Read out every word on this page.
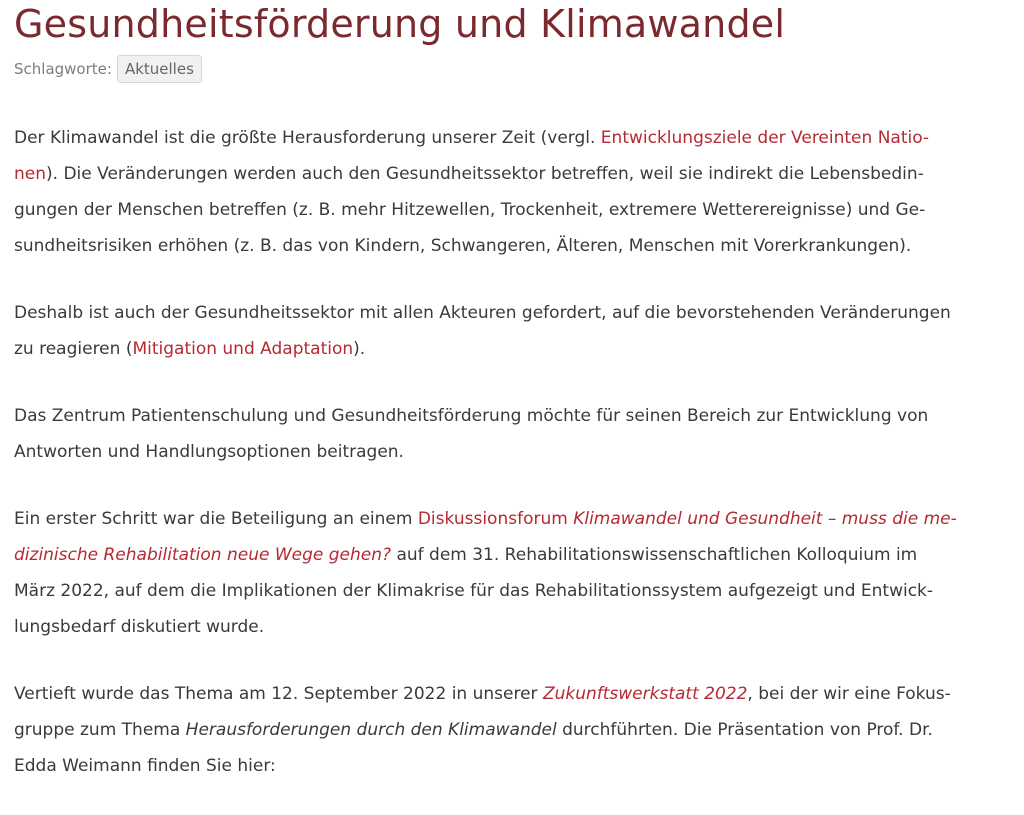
Gesundheitsförderung und Klimawandel
Schlagworte: Aktuelles

Der Klimawandel ist die größte Herausforderung unserer Zeit (vergl. Entwicklungsziele der Vereinten Natio-
nen). Die Veränderungen werden auch den Gesundheitssektor betreffen, weil sie indirekt die Lebensbedin-
gungen der Menschen betreffen (z. B. mehr Hitzewellen, Trockenheit, extremere Wetterereignisse) und Ge-
sundheitsrisiken erhöhen (z. B. das von Kindern, Schwangeren, Älteren, Menschen mit Vorerkrankungen).

Deshalb ist auch der Gesundheitssektor mit allen Akteuren gefordert, auf die bevorstehenden Veränderungen
zu reagieren (Mitigation und Adaptation).

Das Zentrum Patientenschulung und Gesundheitsförderung möchte für seinen Bereich zur Entwicklung von
Antworten und Handlungsoptionen beitragen.

Ein erster Schritt war die Beteiligung an einem Diskussionsforum Klimawandel und Gesundheit – muss die me-
dizinische Rehabilitation neue Wege gehen? auf dem 31. Rehabilitationswissenschaftlichen Kolloquium im
März 2022, auf dem die Implikationen der Klimakrise für das Rehabilitationssystem aufgezeigt und Entwick-
lungsbedarf diskutiert wurde.

Vertieft wurde das Thema am 12. September 2022 in unserer Zukunftswerkstatt 2022, bei der wir eine Fokus-
gruppe zum Thema Herausforderungen durch den Klimawandel durchführten. Die Präsentation von Prof. Dr.
Edda Weimann finden Sie hier:
